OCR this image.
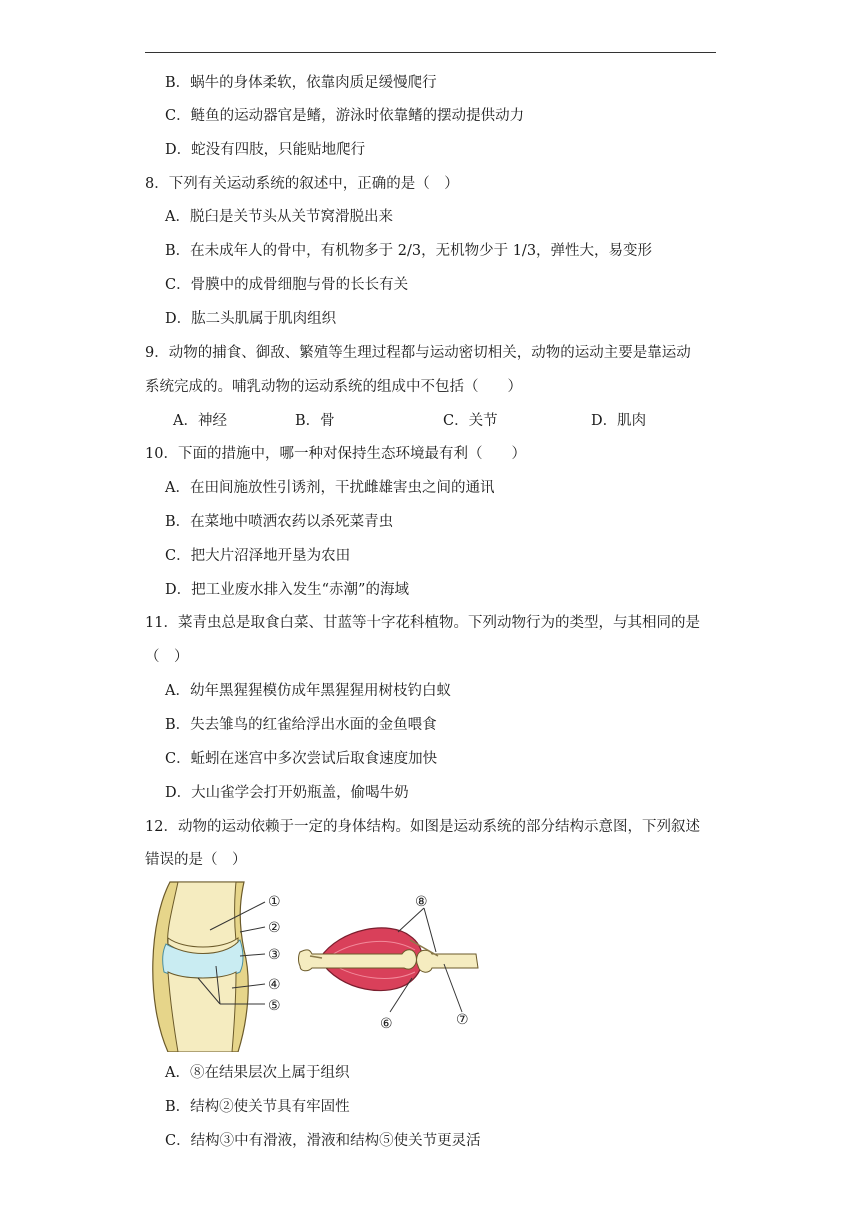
B．蜗牛的身体柔软，依靠肉质足缓慢爬行
C．鲢鱼的运动器官是鳍，游泳时依靠鳍的摆动提供动力
D．蛇没有四肢，只能贴地爬行
8．下列有关运动系统的叙述中，正确的是（　）
A．脱臼是关节头从关节窝滑脱出来
B．在未成年人的骨中，有机物多于 2/3，无机物少于 1/3，弹性大，易变形
C．骨膜中的成骨细胞与骨的长长有关
D．肱二头肌属于肌肉组织
9．动物的捕食、御敌、繁殖等生理过程都与运动密切相关，动物的运动主要是靠运动
系统完成的。哺乳动物的运动系统的组成中不包括（　　）
A．神经	B．骨	C．关节	D．肌肉
10．下面的措施中，哪一种对保持生态环境最有利（　　）
A．在田间施放性引诱剂，干扰雌雄害虫之间的通讯
B．在菜地中喷洒农药以杀死菜青虫
C．把大片沼泽地开垦为农田
D．把工业废水排入发生“赤潮”的海域
11．菜青虫总是取食白菜、甘蓝等十字花科植物。下列动物行为的类型，与其相同的是
（　）
A．幼年黑猩猩模仿成年黑猩猩用树枝钓白蚁
B．失去雏鸟的红雀给浮出水面的金鱼喂食
C．蚯蚓在迷宫中多次尝试后取食速度加快
D．大山雀学会打开奶瓶盖，偷喝牛奶
12．动物的运动依赖于一定的身体结构。如图是运动系统的部分结构示意图，下列叙述
错误的是（　）
①
②
③
④
⑤
⑧
⑥	⑦
A．⑧在结果层次上属于组织
B．结构②使关节具有牢固性
C．结构③中有滑液，滑液和结构⑤使关节更灵活
